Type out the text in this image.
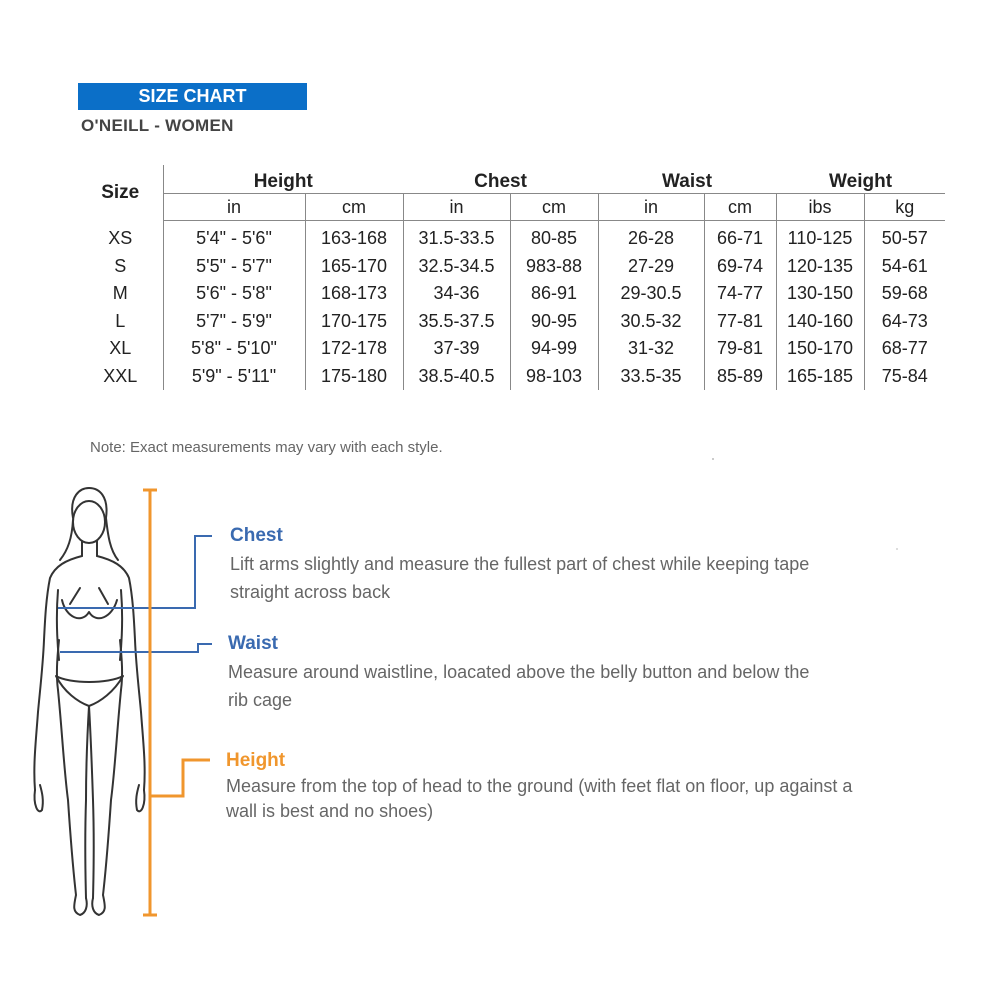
SIZE CHART
O'NEILL - WOMEN
Size	Height		Chest		Waist		Weight	
	in	cm	in	cm	in	cm	ibs	kg
XS	5'4" - 5'6"	163-168	31.5-33.5	80-85	26-28	66-71	110-125	50-57
S	5'5" - 5'7"	165-170	32.5-34.5	983-88	27-29	69-74	120-135	54-61
M	5'6" - 5'8"	168-173	34-36	86-91	29-30.5	74-77	130-150	59-68
L	5'7" - 5'9"	170-175	35.5-37.5	90-95	30.5-32	77-81	140-160	64-73
XL	5'8" - 5'10"	172-178	37-39	94-99	31-32	79-81	150-170	68-77
XXL	5'9" - 5'11"	175-180	38.5-40.5	98-103	33.5-35	85-89	165-185	75-84
Note: Exact measurements may vary with each style.
Chest
Lift arms slightly and measure the fullest part of chest while keeping tape
straight across back
Waist
Measure around waistline, loacated above the belly button and below the
rib cage
Height
Measure from the top of head to the ground (with feet flat on floor, up against a
wall is best and no shoes)
